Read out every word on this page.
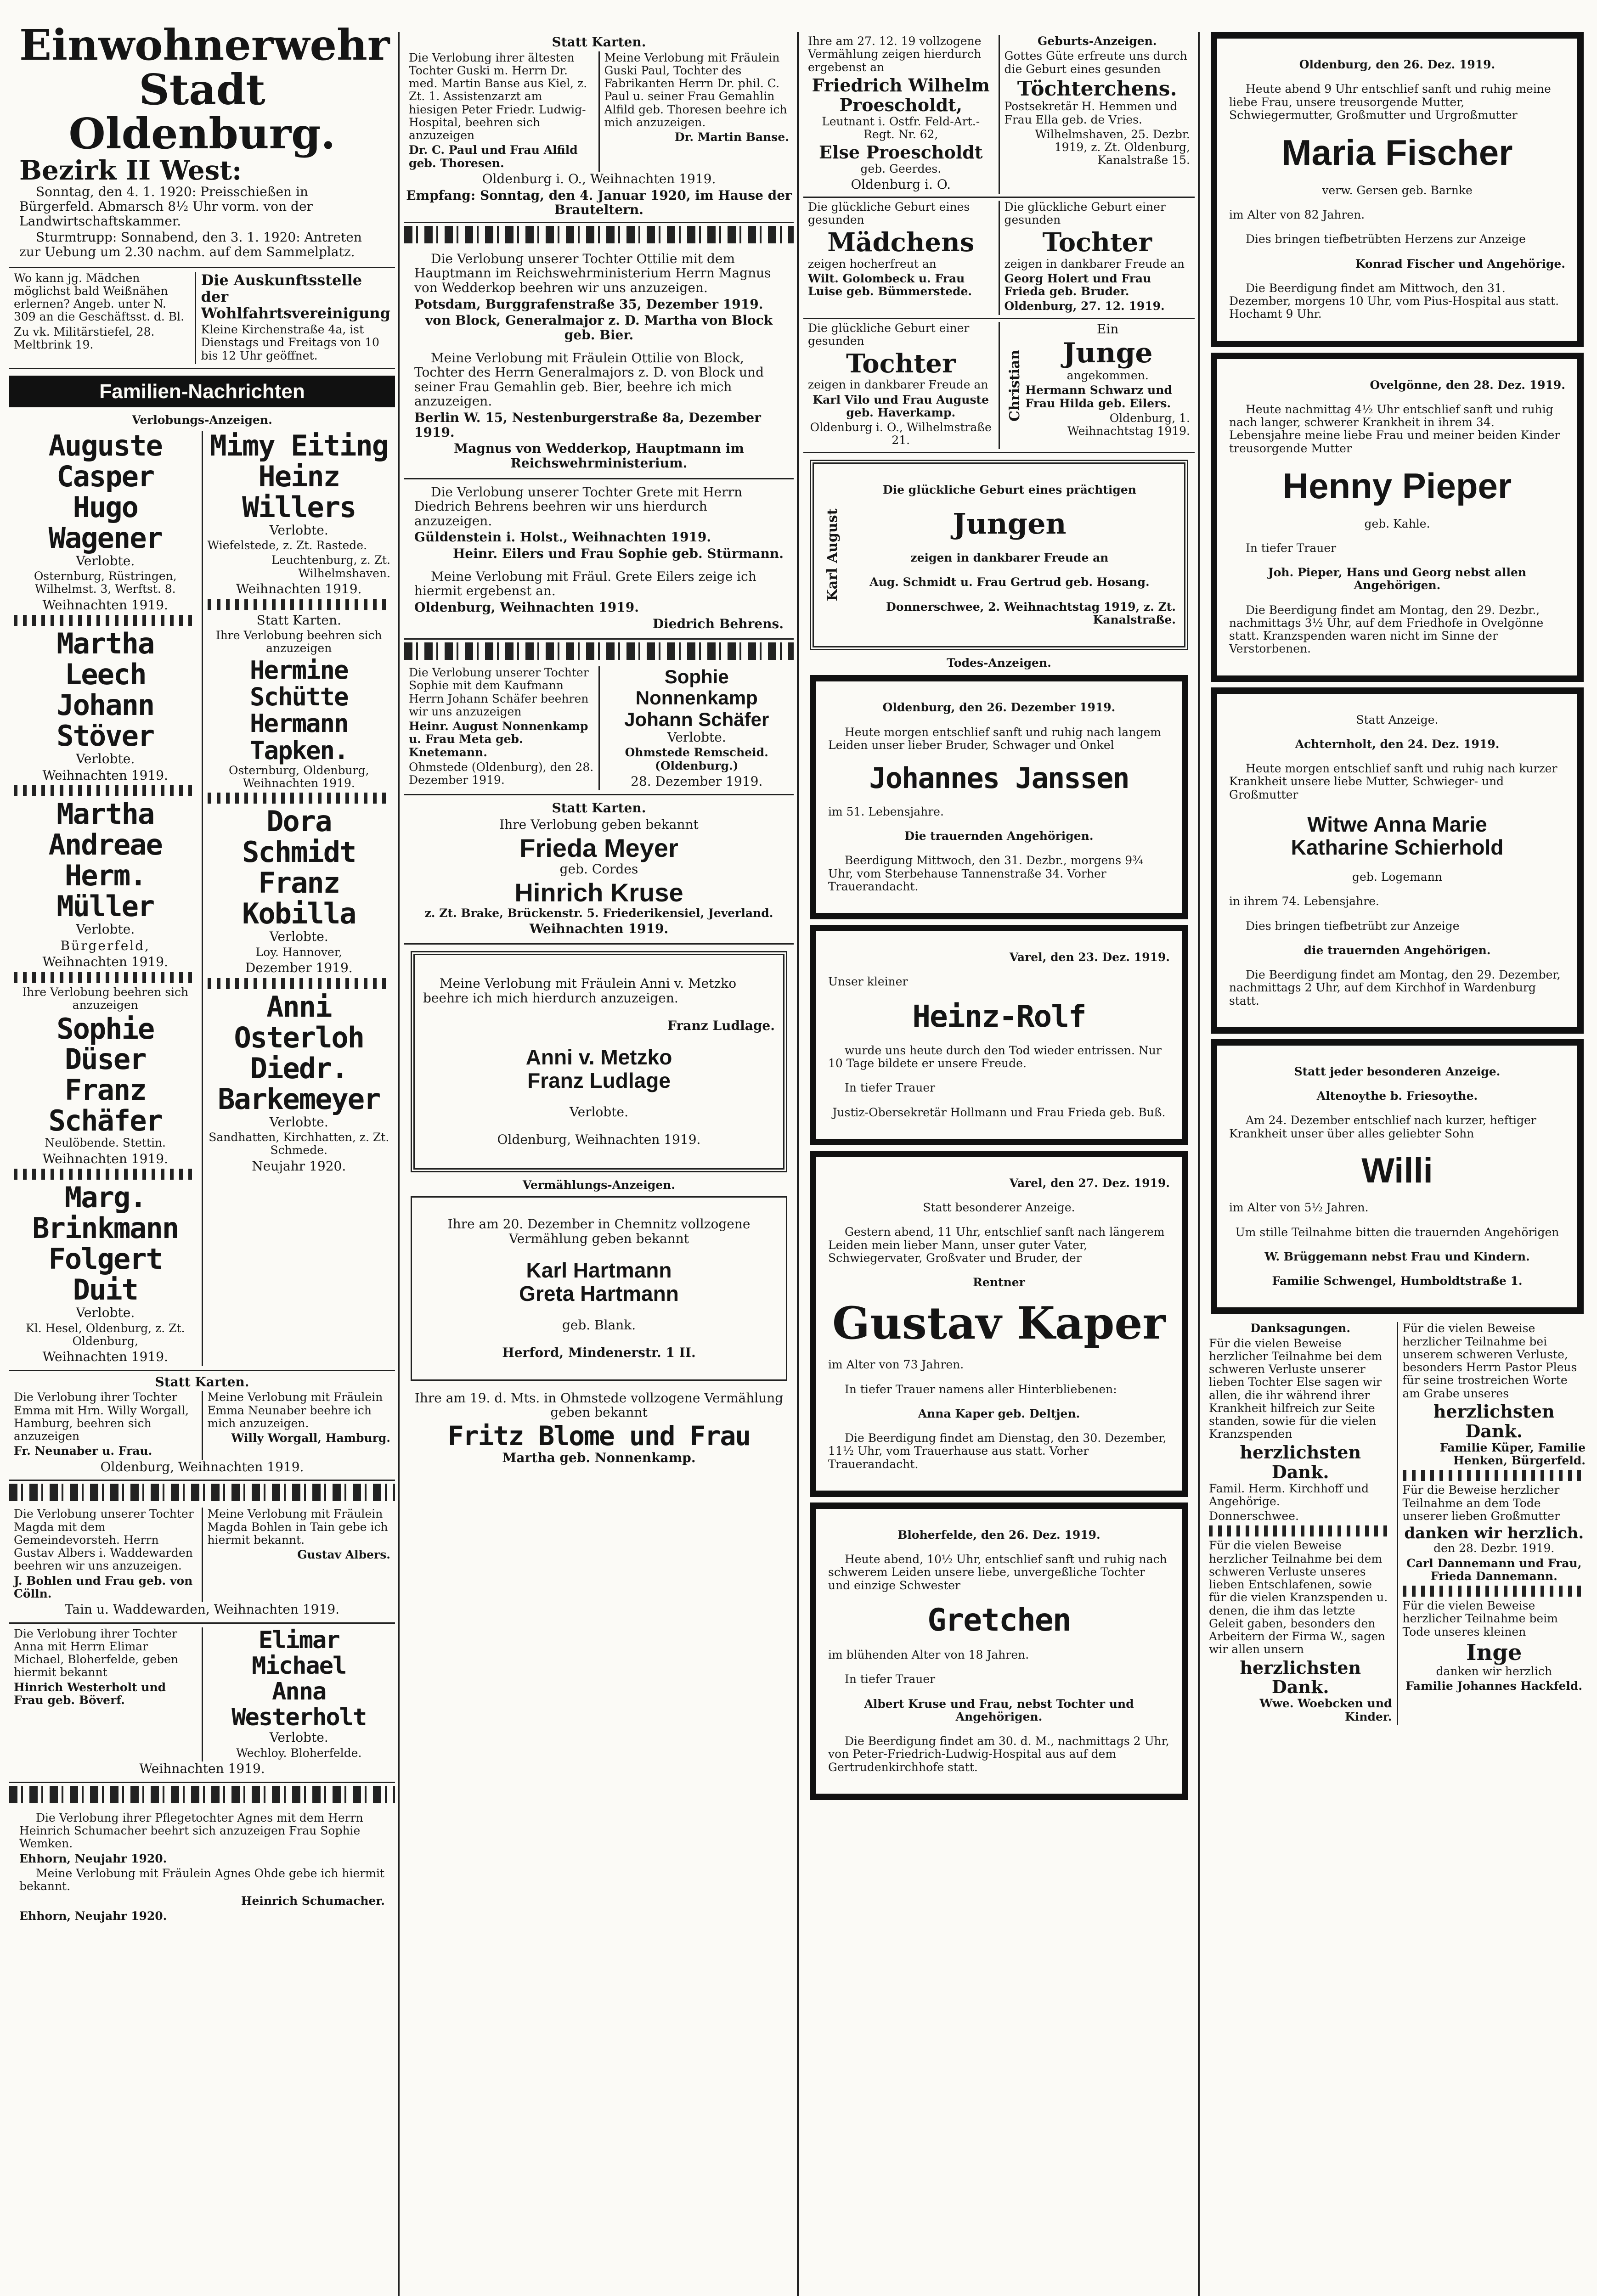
Einwohnerwehr
Stadt Oldenburg.
Bezirk II West:

Sonntag, den 4. 1. 1920: Preisschießen in Bürgerfeld. Abmarsch 8½ Uhr vorm. von der Landwirtschaftskammer.

Sturmtrupp: Sonnabend, den 3. 1. 1920: Antreten zur Uebung um 2.30 nachm. auf dem Sammelplatz.

Wo kann jg. Mädchen möglichst bald Weißnähen erlernen? Angeb. unter N. 309 an die Geschäftsst. d. Bl.

Zu vk. Militärstiefel, 28. Meltbrink 19.

Die Auskunftsstelle der Wohlfahrtsvereinigung

Kleine Kirchenstraße 4a, ist Dienstags und Freitags von 10 bis 12 Uhr geöffnet.

Familien-Nachrichten
Verlobungs-Anzeigen.
Auguste Casper
Hugo Wagener

Verlobte.

Osternburg, Rüstringen, Wilhelmst. 3, Werftst. 8.

Weihnachten 1919.

Martha Leech
Johann Stöver

Verlobte.

Weihnachten 1919.

Martha Andreae
Herm. Müller

Verlobte.

Bürgerfeld,

Weihnachten 1919.

Ihre Verlobung beehren sich anzuzeigen

Sophie Düser
Franz Schäfer

Neulöbende. Stettin.

Weihnachten 1919.

Marg. Brinkmann
Folgert Duit

Verlobte.

Kl. Hesel, Oldenburg, z. Zt. Oldenburg,

Weihnachten 1919.

Mimy Eiting
Heinz Willers

Verlobte.

Wiefelstede, z. Zt. Rastede.

Leuchtenburg, z. Zt. Wilhelmshaven.

Weihnachten 1919.

Statt Karten.

Ihre Verlobung beehren sich anzuzeigen

Hermine Schütte
Hermann Tapken.

Osternburg, Oldenburg, Weihnachten 1919.

Dora Schmidt
Franz Kobilla

Verlobte.

Loy. Hannover,

Dezember 1919.

Anni Osterloh
Diedr. Barkemeyer

Verlobte.

Sandhatten, Kirchhatten, z. Zt. Schmede.

Neujahr 1920.

Statt Karten.

Die Verlobung ihrer Tochter Emma mit Hrn. Willy Worgall, Hamburg, beehren sich anzuzeigen

Fr. Neunaber u. Frau.

Meine Verlobung mit Fräulein Emma Neunaber beehre ich mich anzuzeigen.

Willy Worgall, Hamburg.

Oldenburg, Weihnachten 1919.

Die Verlobung unserer Tochter Magda mit dem Gemeindevorsteh. Herrn Gustav Albers i. Waddewarden beehren wir uns anzuzeigen.

J. Bohlen und Frau geb. von Cölln.

Meine Verlobung mit Fräulein Magda Bohlen in Tain gebe ich hiermit bekannt.

Gustav Albers.

Tain u. Waddewarden, Weihnachten 1919.

Die Verlobung ihrer Tochter Anna mit Herrn Elimar Michael, Bloherfelde, geben hiermit bekannt

Hinrich Westerholt und Frau geb. Böverf.

Elimar Michael
Anna Westerholt

Verlobte.

Wechloy. Bloherfelde.

Weihnachten 1919.

Die Verlobung ihrer Pflegetochter Agnes mit dem Herrn Heinrich Schumacher beehrt sich anzuzeigen Frau Sophie Wemken.

Ehhorn, Neujahr 1920.

Meine Verlobung mit Fräulein Agnes Ohde gebe ich hiermit bekannt.

Heinrich Schumacher.

Ehhorn, Neujahr 1920.

Statt Karten.

Die Verlobung ihrer ältesten Tochter Guski m. Herrn Dr. med. Martin Banse aus Kiel, z. Zt. 1. Assistenzarzt am hiesigen Peter Friedr. Ludwig-Hospital, beehren sich anzuzeigen

Dr. C. Paul und Frau Alfild geb. Thoresen.

Meine Verlobung mit Fräulein Guski Paul, Tochter des Fabrikanten Herrn Dr. phil. C. Paul u. seiner Frau Gemahlin Alfild geb. Thoresen beehre ich mich anzuzeigen.

Dr. Martin Banse.

Oldenburg i. O., Weihnachten 1919.

Empfang: Sonntag, den 4. Januar 1920, im Hause der Brauteltern.

Die Verlobung unserer Tochter Ottilie mit dem Hauptmann im Reichswehrministerium Herrn Magnus von Wedderkop beehren wir uns anzuzeigen.

Potsdam, Burggrafenstraße 35, Dezember 1919.

von Block, Generalmajor z. D. Martha von Block geb. Bier.

Meine Verlobung mit Fräulein Ottilie von Block, Tochter des Herrn Generalmajors z. D. von Block und seiner Frau Gemahlin geb. Bier, beehre ich mich anzuzeigen.

Berlin W. 15, Nestenburgerstraße 8a, Dezember 1919.

Magnus von Wedderkop, Hauptmann im Reichswehrministerium.

Die Verlobung unserer Tochter Grete mit Herrn Diedrich Behrens beehren wir uns hierdurch anzuzeigen.

Güldenstein i. Holst., Weihnachten 1919.

Heinr. Eilers und Frau Sophie geb. Stürmann.

Meine Verlobung mit Fräul. Grete Eilers zeige ich hiermit ergebenst an.

Oldenburg, Weihnachten 1919.

Diedrich Behrens.

Die Verlobung unserer Tochter Sophie mit dem Kaufmann Herrn Johann Schäfer beehren wir uns anzuzeigen

Heinr. August Nonnenkamp u. Frau Meta geb. Knetemann.

Ohmstede (Oldenburg), den 28. Dezember 1919.

Sophie Nonnenkamp
Johann Schäfer

Verlobte.

Ohmstede Remscheid. (Oldenburg.)

28. Dezember 1919.

Statt Karten.

Ihre Verlobung geben bekannt

Frieda Meyer

geb. Cordes

Hinrich Kruse

z. Zt. Brake, Brückenstr. 5. Friederikensiel, Jeverland.

Weihnachten 1919.

Meine Verlobung mit Fräulein Anni v. Metzko beehre ich mich hierdurch anzuzeigen.

Franz Ludlage.

Anni v. Metzko
Franz Ludlage

Verlobte.

Oldenburg, Weihnachten 1919.

Vermählungs-Anzeigen.

Ihre am 20. Dezember in Chemnitz vollzogene Vermählung geben bekannt

Karl Hartmann
Greta Hartmann

geb. Blank.

Herford, Mindenerstr. 1 II.

Ihre am 19. d. Mts. in Ohmstede vollzogene Vermählung geben bekannt

Fritz Blome und Frau

Martha geb. Nonnenkamp.

Ihre am 27. 12. 19 vollzogene Vermählung zeigen hierdurch ergebenst an

Friedrich Wilhelm Proescholdt,

Leutnant i. Ostfr. Feld-Art.-Regt. Nr. 62,

Else Proescholdt

geb. Geerdes.

Oldenburg i. O.

Geburts-Anzeigen.

Gottes Güte erfreute uns durch die Geburt eines gesunden

Töchterchens.

Postsekretär H. Hemmen und Frau Ella geb. de Vries.

Wilhelmshaven, 25. Dezbr. 1919, z. Zt. Oldenburg, Kanalstraße 15.

Die glückliche Geburt eines gesunden

Mädchens

zeigen hocherfreut an

Wilt. Golombeck u. Frau Luise geb. Bümmerstede.

Die glückliche Geburt einer gesunden

Tochter

zeigen in dankbarer Freude an

Georg Holert und Frau Frieda geb. Bruder.

Oldenburg, 27. 12. 1919.

Die glückliche Geburt einer gesunden

Tochter

zeigen in dankbarer Freude an

Karl Vilo und Frau Auguste geb. Haverkamp.

Oldenburg i. O., Wilhelmstraße 21.

Christian

Ein

Junge

angekommen.

Hermann Schwarz und Frau Hilda geb. Eilers.

Oldenburg, 1. Weihnachtstag 1919.

Karl August

Die glückliche Geburt eines prächtigen

Jungen

zeigen in dankbarer Freude an

Aug. Schmidt u. Frau Gertrud geb. Hosang.

Donnerschwee, 2. Weihnachtstag 1919, z. Zt. Kanalstraße.

Todes-Anzeigen.

Oldenburg, den 26. Dezember 1919.

Heute morgen entschlief sanft und ruhig nach langem Leiden unser lieber Bruder, Schwager und Onkel

Johannes Janssen

im 51. Lebensjahre.

Die trauernden Angehörigen.

Beerdigung Mittwoch, den 31. Dezbr., morgens 9¾ Uhr, vom Sterbehause Tannenstraße 34. Vorher Trauerandacht.

Varel, den 23. Dez. 1919.

Unser kleiner

Heinz-Rolf

wurde uns heute durch den Tod wieder entrissen. Nur 10 Tage bildete er unsere Freude.

In tiefer Trauer

Justiz-Obersekretär Hollmann und Frau Frieda geb. Buß.

Varel, den 27. Dez. 1919.

Statt besonderer Anzeige.

Gestern abend, 11 Uhr, entschlief sanft nach längerem Leiden mein lieber Mann, unser guter Vater, Schwiegervater, Großvater und Bruder, der

Rentner

Gustav Kaper

im Alter von 73 Jahren.

In tiefer Trauer namens aller Hinterbliebenen:

Anna Kaper geb. Deltjen.

Die Beerdigung findet am Dienstag, den 30. Dezember, 11½ Uhr, vom Trauerhause aus statt. Vorher Trauerandacht.

Bloherfelde, den 26. Dez. 1919.

Heute abend, 10½ Uhr, entschlief sanft und ruhig nach schwerem Leiden unsere liebe, unvergeßliche Tochter und einzige Schwester

Gretchen

im blühenden Alter von 18 Jahren.

In tiefer Trauer

Albert Kruse und Frau, nebst Tochter und Angehörigen.

Die Beerdigung findet am 30. d. M., nachmittags 2 Uhr, von Peter-Friedrich-Ludwig-Hospital aus auf dem Gertrudenkirchhofe statt.

Oldenburg, den 26. Dez. 1919.

Heute abend 9 Uhr entschlief sanft und ruhig meine liebe Frau, unsere treusorgende Mutter, Schwiegermutter, Großmutter und Urgroßmutter

Maria Fischer

verw. Gersen geb. Barnke

im Alter von 82 Jahren.

Dies bringen tiefbetrübten Herzens zur Anzeige

Konrad Fischer und Angehörige.

Die Beerdigung findet am Mittwoch, den 31. Dezember, morgens 10 Uhr, vom Pius-Hospital aus statt. Hochamt 9 Uhr.

Ovelgönne, den 28. Dez. 1919.

Heute nachmittag 4½ Uhr entschlief sanft und ruhig nach langer, schwerer Krankheit in ihrem 34. Lebensjahre meine liebe Frau und meiner beiden Kinder treusorgende Mutter

Henny Pieper

geb. Kahle.

In tiefer Trauer

Joh. Pieper, Hans und Georg nebst allen Angehörigen.

Die Beerdigung findet am Montag, den 29. Dezbr., nachmittags 3½ Uhr, auf dem Friedhofe in Ovelgönne statt. Kranzspenden waren nicht im Sinne der Verstorbenen.

Statt Anzeige.

Achternholt, den 24. Dez. 1919.

Heute morgen entschlief sanft und ruhig nach kurzer Krankheit unsere liebe Mutter, Schwieger- und Großmutter

Witwe Anna Marie
Katharine Schierhold

geb. Logemann

in ihrem 74. Lebensjahre.

Dies bringen tiefbetrübt zur Anzeige

die trauernden Angehörigen.

Die Beerdigung findet am Montag, den 29. Dezember, nachmittags 2 Uhr, auf dem Kirchhof in Wardenburg statt.

Statt jeder besonderen Anzeige.

Altenoythe b. Friesoythe.

Am 24. Dezember entschlief nach kurzer, heftiger Krankheit unser über alles geliebter Sohn

Willi

im Alter von 5½ Jahren.

Um stille Teilnahme bitten die trauernden Angehörigen

W. Brüggemann nebst Frau und Kindern.

Familie Schwengel, Humboldtstraße 1.

Danksagungen.

Für die vielen Beweise herzlicher Teilnahme bei dem schweren Verluste unserer lieben Tochter Else sagen wir allen, die ihr während ihrer Krankheit hilfreich zur Seite standen, sowie für die vielen Kranzspenden

herzlichsten Dank.

Famil. Herm. Kirchhoff und Angehörige.

Donnerschwee.

Für die vielen Beweise herzlicher Teilnahme bei dem schweren Verluste unseres lieben Entschlafenen, sowie für die vielen Kranzspenden u. denen, die ihm das letzte Geleit gaben, besonders den Arbeitern der Firma W., sagen wir allen unsern

herzlichsten Dank.

Wwe. Woebcken und Kinder.

Für die vielen Beweise herzlicher Teilnahme bei unserem schweren Verluste, besonders Herrn Pastor Pleus für seine trostreichen Worte am Grabe unseres

herzlichsten Dank.

Familie Küper, Familie Henken, Bürgerfeld.

Für die Beweise herzlicher Teilnahme an dem Tode unserer lieben Großmutter

danken wir herzlich.

den 28. Dezbr. 1919.

Carl Dannemann und Frau, Frieda Dannemann.

Für die vielen Beweise herzlicher Teilnahme beim Tode unseres kleinen

Inge

danken wir herzlich

Familie Johannes Hackfeld.
